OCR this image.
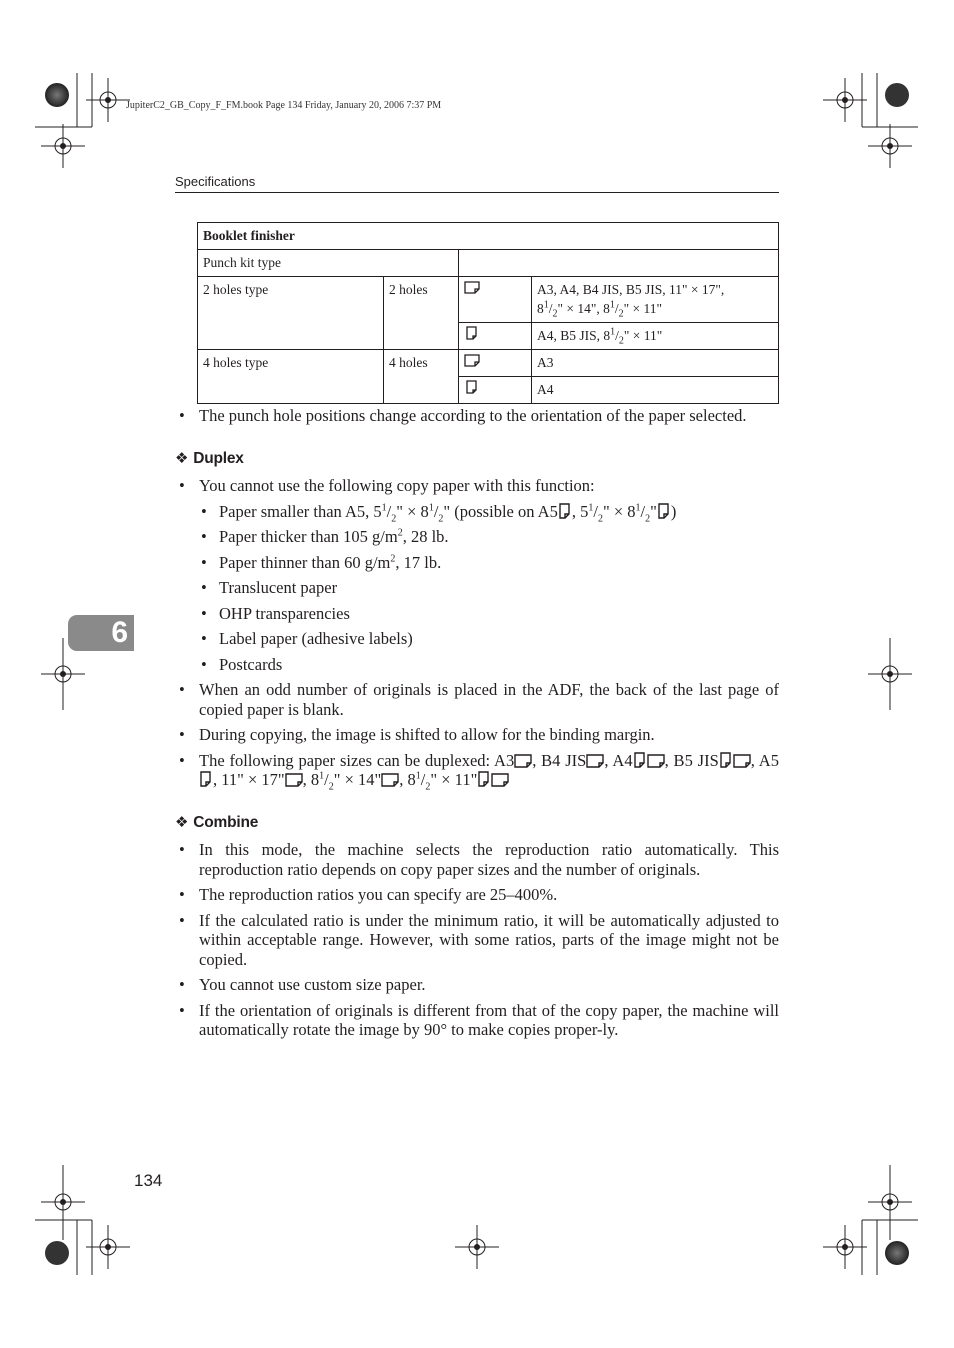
JupiterC2_GB_Copy_F_FM.book Page 134 Friday, January 20, 2006 7:37 PM
Specifications
6
Booklet finisher			
Punch kit type			
2 holes type	2 holes		A3, A4, B4 JIS, B5 JIS, 11" × 17",
$8^1/_2$" × 14", $8^1/_2$" × 11"
	A4, B5 JIS, $8^1/_2$" × 11"
4 holes type	4 holes		A3
	A4
• The punch hole positions change according to the orientation of the paper selected.
❖ Duplex
• You cannot use the following copy paper with this function:
• Paper smaller than A5, $5^1/_2$" × $8^1/_2$" (possible on A5 , $5^1/_2$" × $8^1/_2$" )
• Paper thicker than 105 $g/m^2$, 28 lb.
• Paper thinner than 60 $g/m^2$, 17 lb.
• Translucent paper
• OHP transparencies
• Label paper (adhesive labels)
• Postcards
• When an odd number of originals is placed in the ADF, the back of the last page of copied paper is blank.
• During copying, the image is shifted to allow for the binding margin.
• The following paper sizes can be duplexed: A3 , B4 JIS , A4 , B5 JIS , A5, 11" × 17" , $8^1/_2$" × 14" , $8^1/_2$" × 11"
❖ Combine
• In this mode, the machine selects the reproduction ratio automatically. This reproduction ratio depends on copy paper sizes and the number of originals.
• The reproduction ratios you can specify are 25–400%.
• If the calculated ratio is under the minimum ratio, it will be automatically adjusted to within acceptable range. However, with some ratios, parts of the image might not be copied.
• You cannot use custom size paper.
• If the orientation of originals is different from that of the copy paper, the machine will automatically rotate the image by 90° to make copies proper-ly.
134
